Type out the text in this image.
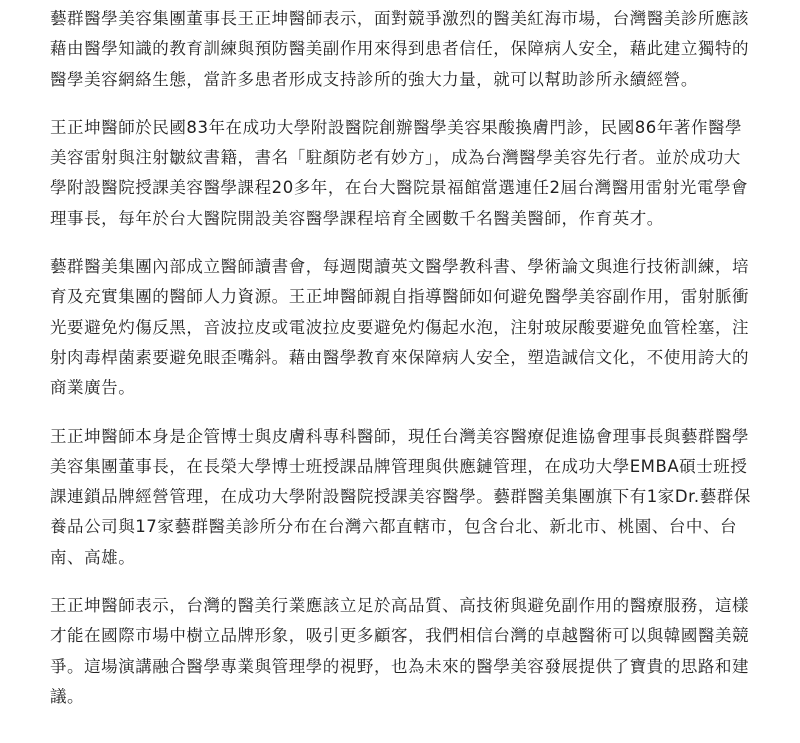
藝群醫學美容集團董事長王正坤醫師表示，面對競爭激烈的醫美紅海市場，台灣醫美診所應該
藉由醫學知識的教育訓練與預防醫美副作用來得到患者信任，保障病人安全，藉此建立獨特的
醫學美容網絡生態，當許多患者形成支持診所的強大力量，就可以幫助診所永續經營。

王正坤醫師於民國83年在成功大學附設醫院創辦醫學美容果酸換膚門診，民國86年著作醫學
美容雷射與注射皺紋書籍，書名「駐顏防老有妙方」，成為台灣醫學美容先行者。並於成功大
學附設醫院授課美容醫學課程20多年，在台大醫院景福館當選連任2屆台灣醫用雷射光電學會
理事長，每年於台大醫院開設美容醫學課程培育全國數千名醫美醫師，作育英才。

藝群醫美集團內部成立醫師讀書會，每週閱讀英文醫學教科書、學術論文與進行技術訓練，培
育及充實集團的醫師人力資源。王正坤醫師親自指導醫師如何避免醫學美容副作用，雷射脈衝
光要避免灼傷反黑，音波拉皮或電波拉皮要避免灼傷起水泡，注射玻尿酸要避免血管栓塞，注
射肉毒桿菌素要避免眼歪嘴斜。藉由醫學教育來保障病人安全，塑造誠信文化，不使用誇大的
商業廣告。

王正坤醫師本身是企管博士與皮膚科專科醫師，現任台灣美容醫療促進協會理事長與藝群醫學
美容集團董事長，在長榮大學博士班授課品牌管理與供應鏈管理，在成功大學EMBA碩士班授
課連鎖品牌經營管理，在成功大學附設醫院授課美容醫學。藝群醫美集團旗下有1家Dr.藝群保
養品公司與17家藝群醫美診所分布在台灣六都直轄市，包含台北、新北市、桃園、台中、台
南、高雄。

王正坤醫師表示，台灣的醫美行業應該立足於高品質、高技術與避免副作用的醫療服務，這樣
才能在國際市場中樹立品牌形象，吸引更多顧客，我們相信台灣的卓越醫術可以與韓國醫美競
爭。這場演講融合醫學專業與管理學的視野，也為未來的醫學美容發展提供了寶貴的思路和建
議。
